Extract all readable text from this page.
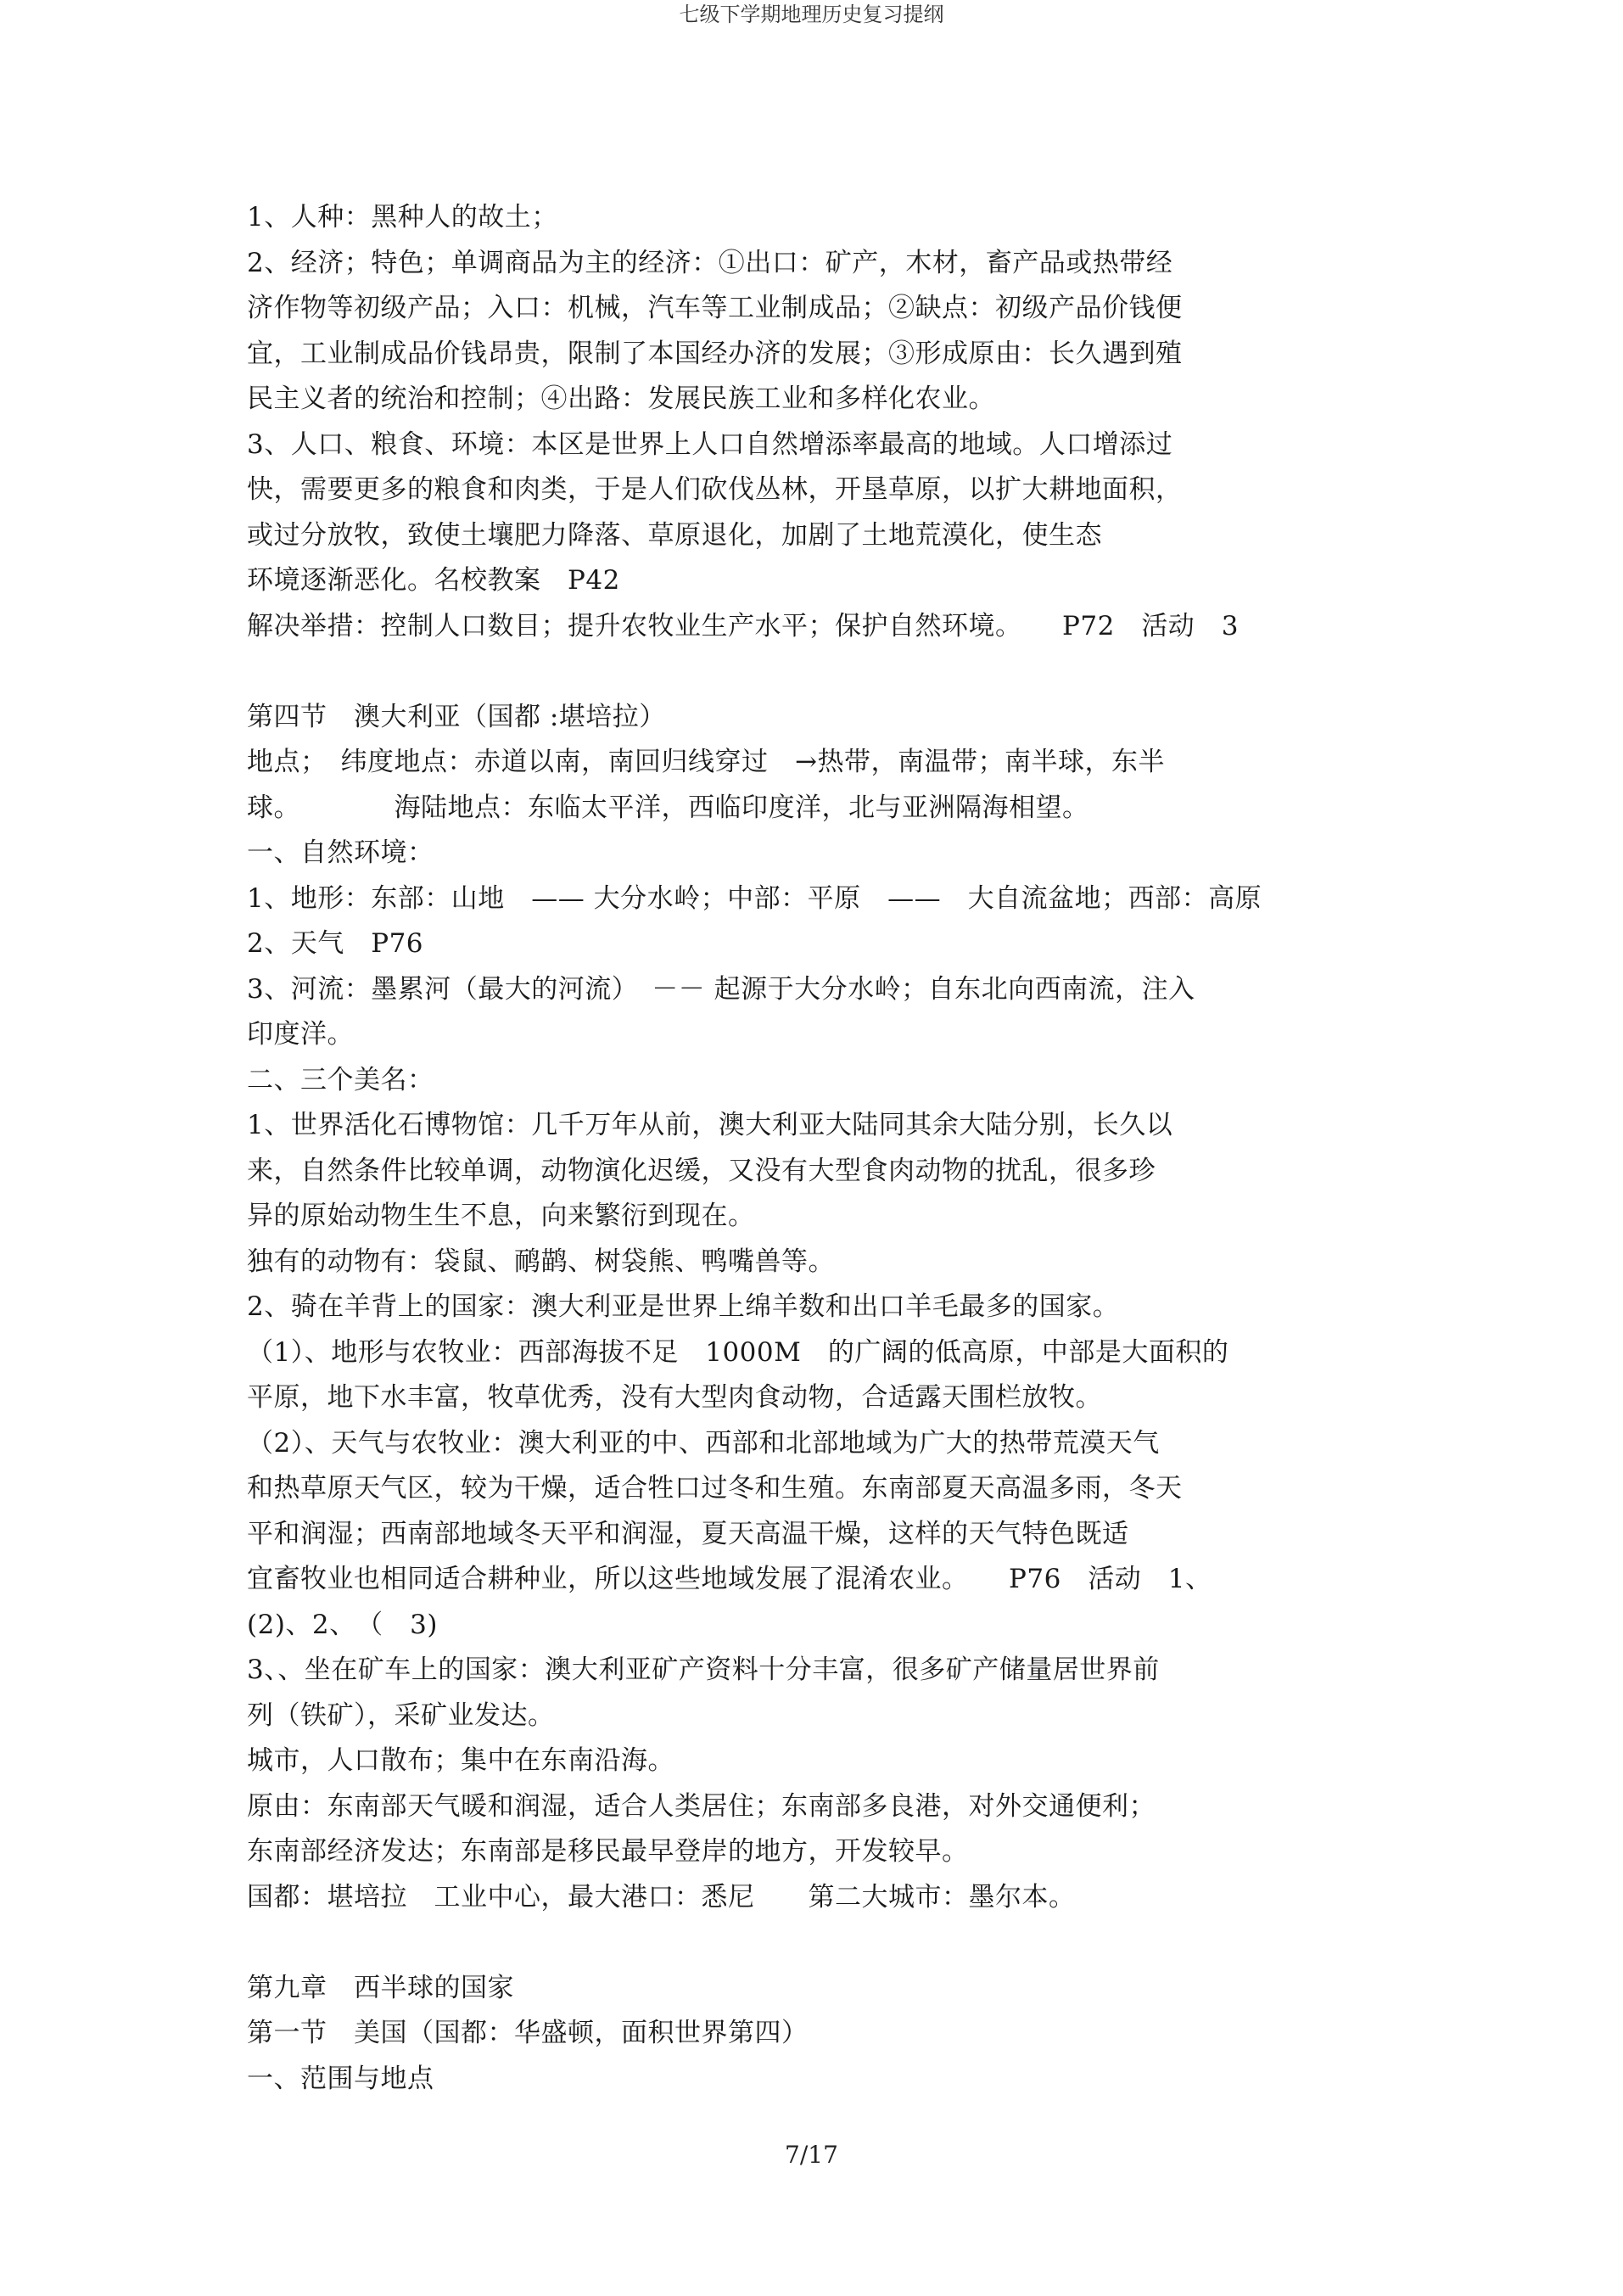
七级下学期地理历史复习提纲
1、人种：黑种人的故土；
2、经济；特色；单调商品为主的经济：①出口：矿产，木材，畜产品或热带经
济作物等初级产品；入口：机械，汽车等工业制成品；②缺点：初级产品价钱便
宜，工业制成品价钱昂贵，限制了本国经办济的发展；③形成原由：长久遇到殖
民主义者的统治和控制；④出路：发展民族工业和多样化农业。
3、人口、粮食、环境：本区是世界上人口自然增添率最高的地域。人口增添过
快，需要更多的粮食和肉类，于是人们砍伐丛林，开垦草原，以扩大耕地面积，
或过分放牧，致使土壤肥力降落、草原退化，加剧了土地荒漠化，使生态
环境逐渐恶化。名校教案　P42
解决举措：控制人口数目；提升农牧业生产水平；保护自然环境。　　P72　活动　3
第四节　澳大利亚（国都 :堪培拉）
地点；　纬度地点：赤道以南，南回归线穿过　→热带，南温带；南半球，东半
球。　　　　海陆地点：东临太平洋，西临印度洋，北与亚洲隔海相望。
一、自然环境：
1、地形：东部：山地　—— 大分水岭；中部：平原　——　大自流盆地；西部：高原
2、天气　P76
3、河流：墨累河（最大的河流）　－－ 起源于大分水岭；自东北向西南流，注入
印度洋。
二、三个美名：
1、世界活化石博物馆：几千万年从前，澳大利亚大陆同其余大陆分别，长久以
来，自然条件比较单调，动物演化迟缓，又没有大型食肉动物的扰乱，很多珍
异的原始动物生生不息，向来繁衍到现在。
独有的动物有：袋鼠、鸸鹋、树袋熊、鸭嘴兽等。
2、骑在羊背上的国家：澳大利亚是世界上绵羊数和出口羊毛最多的国家。
（1）、地形与农牧业：西部海拔不足　1000M　的广阔的低高原，中部是大面积的
平原，地下水丰富，牧草优秀，没有大型肉食动物，合适露天围栏放牧。
（2）、天气与农牧业：澳大利亚的中、西部和北部地域为广大的热带荒漠天气
和热草原天气区，较为干燥，适合牲口过冬和生殖。东南部夏天高温多雨，冬天
平和润湿；西南部地域冬天平和润湿，夏天高温干燥，这样的天气特色既适
宜畜牧业也相同适合耕种业，所以这些地域发展了混淆农业。　　P76　活动　1、
(2)、2、　（　3)
3、、坐在矿车上的国家：澳大利亚矿产资料十分丰富，很多矿产储量居世界前
列（铁矿），采矿业发达。
城市，人口散布；集中在东南沿海。
原由：东南部天气暖和润湿，适合人类居住；东南部多良港，对外交通便利；
东南部经济发达；东南部是移民最早登岸的地方，开发较早。
国都：堪培拉　工业中心，最大港口：悉尼　　第二大城市：墨尔本。
第九章　西半球的国家
第一节　美国（国都：华盛顿，面积世界第四）
一、范围与地点
7/17
